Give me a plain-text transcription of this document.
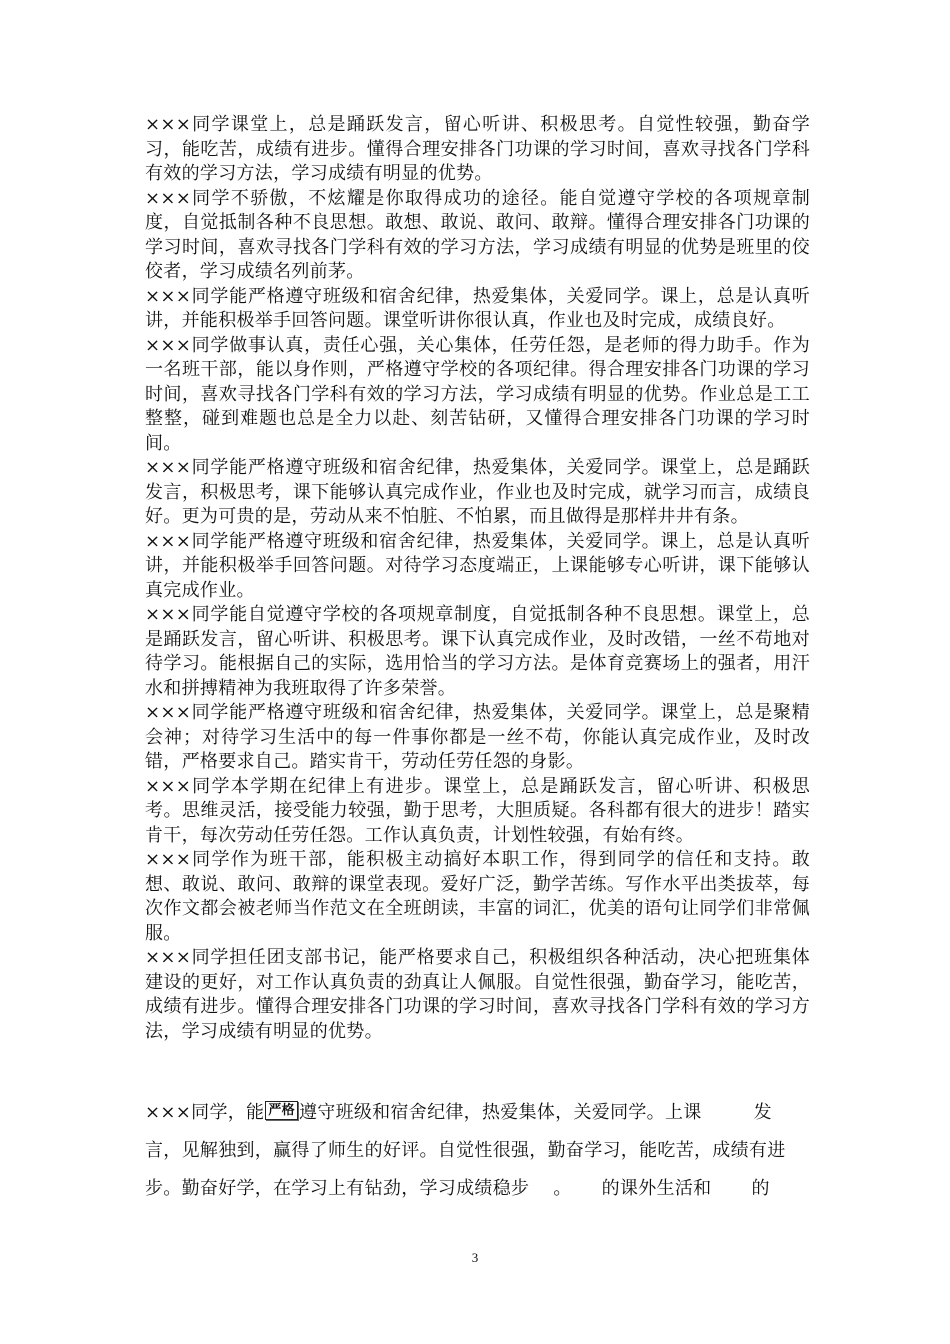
×××同学课堂上，总是踊跃发言，留心听讲、积极思考。自觉性较强，勤奋学习，能吃苦，成绩有进步。懂得合理安排各门功课的学习时间，喜欢寻找各门学科有效的学习方法，学习成绩有明显的优势。

×××同学不骄傲，不炫耀是你取得成功的途径。能自觉遵守学校的各项规章制度，自觉抵制各种不良思想。敢想、敢说、敢问、敢辩。懂得合理安排各门功课的学习时间，喜欢寻找各门学科有效的学习方法，学习成绩有明显的优势是班里的佼佼者，学习成绩名列前茅。

×××同学能严格遵守班级和宿舍纪律，热爱集体，关爱同学。课上，总是认真听讲，并能积极举手回答问题。课堂听讲你很认真，作业也及时完成，成绩良好。

×××同学做事认真，责任心强，关心集体，任劳任怨，是老师的得力助手。作为一名班干部，能以身作则，严格遵守学校的各项纪律。得合理安排各门功课的学习时间，喜欢寻找各门学科有效的学习方法，学习成绩有明显的优势。作业总是工工整整，碰到难题也总是全力以赴、刻苦钻研，又懂得合理安排各门功课的学习时间。

×××同学能严格遵守班级和宿舍纪律，热爱集体，关爱同学。课堂上，总是踊跃发言，积极思考，课下能够认真完成作业，作业也及时完成，就学习而言，成绩良好。更为可贵的是，劳动从来不怕脏、不怕累，而且做得是那样井井有条。

×××同学能严格遵守班级和宿舍纪律，热爱集体，关爱同学。课上，总是认真听讲，并能积极举手回答问题。对待学习态度端正，上课能够专心听讲，课下能够认真完成作业。

×××同学能自觉遵守学校的各项规章制度，自觉抵制各种不良思想。课堂上，总是踊跃发言，留心听讲、积极思考。课下认真完成作业，及时改错，一丝不苟地对待学习。能根据自己的实际，选用恰当的学习方法。是体育竞赛场上的强者，用汗水和拼搏精神为我班取得了许多荣誉。

×××同学能严格遵守班级和宿舍纪律，热爱集体，关爱同学。课堂上，总是聚精会神；对待学习生活中的每一件事你都是一丝不苟，你能认真完成作业，及时改错，严格要求自己。踏实肯干，劳动任劳任怨的身影。

×××同学本学期在纪律上有进步。课堂上，总是踊跃发言，留心听讲、积极思考。思维灵活，接受能力较强，勤于思考，大胆质疑。各科都有很大的进步！踏实肯干，每次劳动任劳任怨。工作认真负责，计划性较强，有始有终。

×××同学作为班干部，能积极主动搞好本职工作，得到同学的信任和支持。敢想、敢说、敢问、敢辩的课堂表现。爱好广泛，勤学苦练。写作水平出类拔萃，每次作文都会被老师当作范文在全班朗读，丰富的词汇，优美的语句让同学们非常佩服。

×××同学担任团支部书记，能严格要求自己，积极组织各种活动，决心把班集体建设的更好，对工作认真负责的劲真让人佩服。自觉性很强，勤奋学习，能吃苦，成绩有进步。懂得合理安排各门功课的学习时间，喜欢寻找各门学科有效的学习方法，学习成绩有明显的优势。

×××同学，能 严格 遵守班级和宿舍纪律，热爱集体，关爱同学。上课	发

言，见解独到，赢得了师生的好评。自觉性很强，勤奋学习，能吃苦，成绩有进

步。勤奋好学，在学习上有钻劲，学习成绩稳步 。 的课外生活和 的

3
